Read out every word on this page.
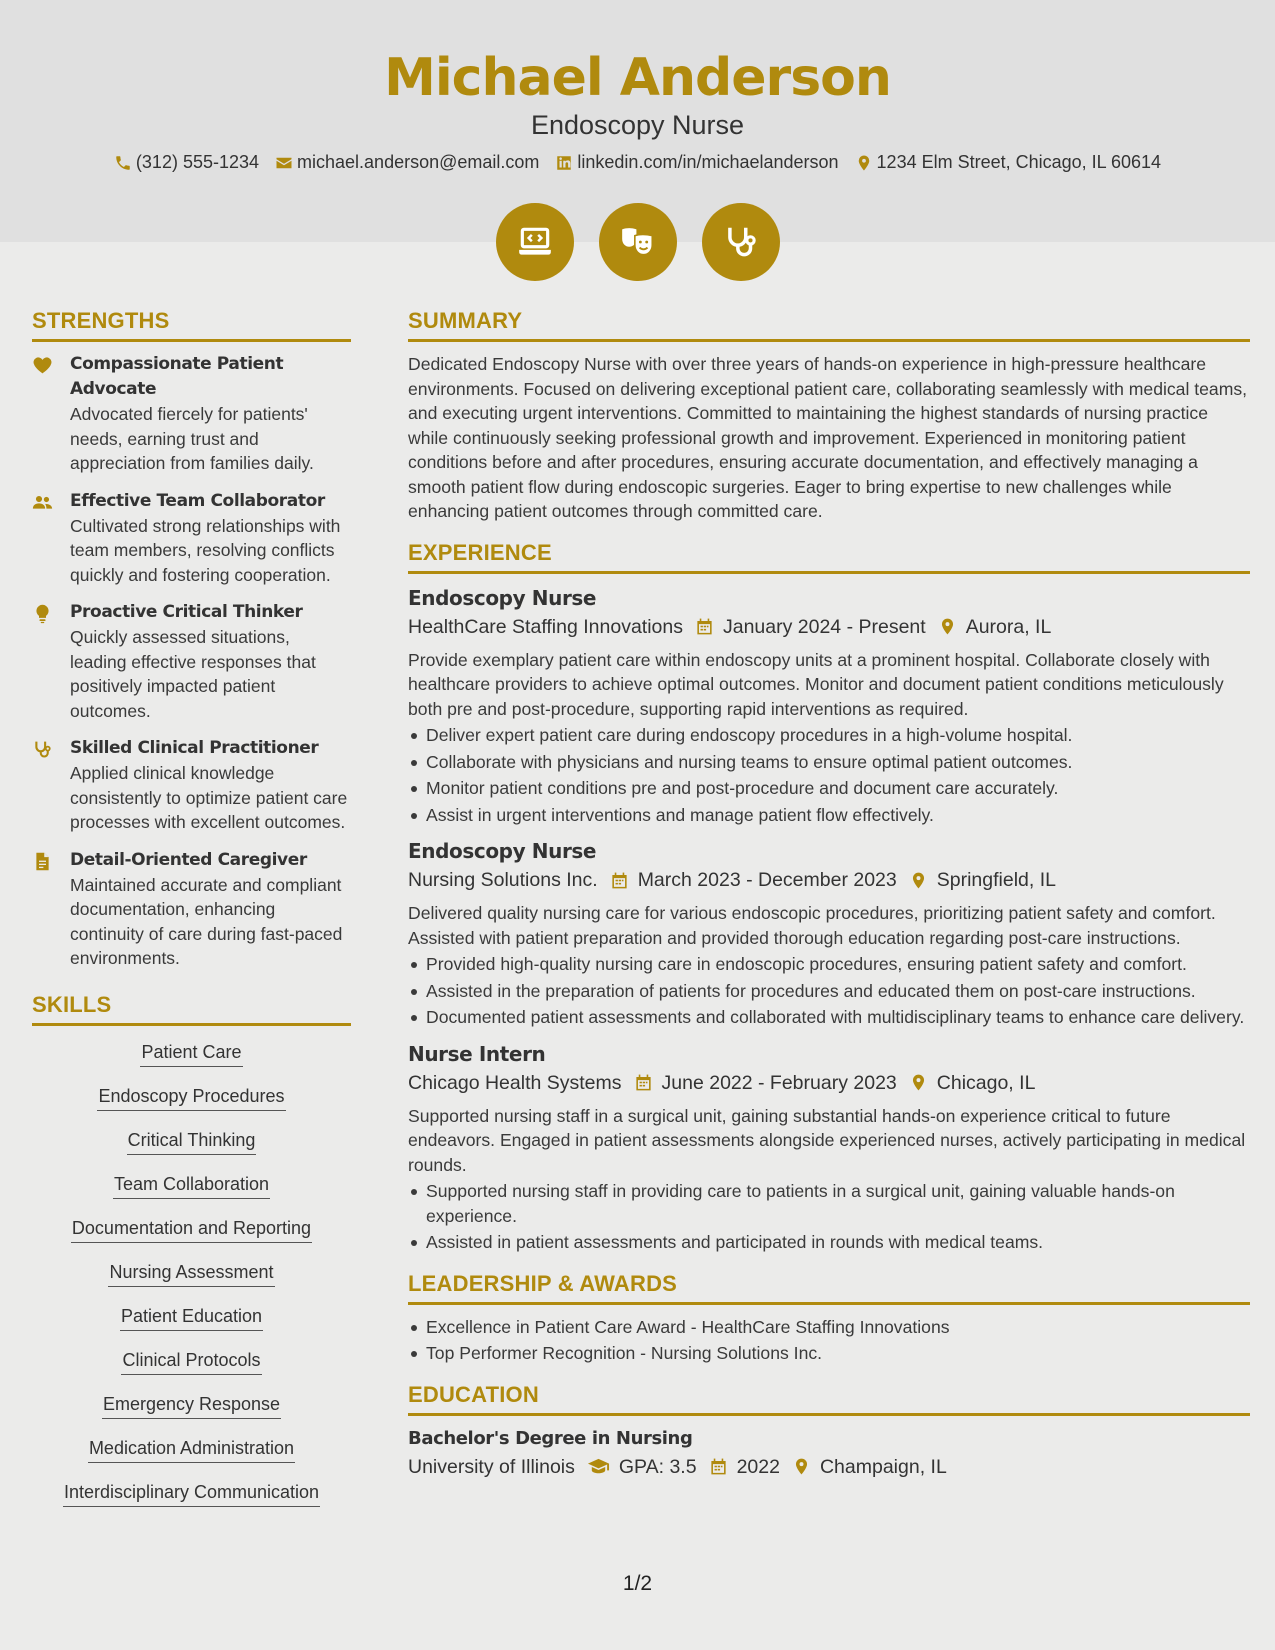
Michael Anderson
Endoscopy Nurse
(312) 555-1234 michael.anderson@email.com linkedin.com/in/michaelanderson 1234 Elm Street, Chicago, IL 60614
STRENGTHS
Compassionate Patient Advocate
Advocated fiercely for patients' needs, earning trust and appreciation from families daily.
Effective Team Collaborator
Cultivated strong relationships with team members, resolving conflicts quickly and fostering cooperation.
Proactive Critical Thinker
Quickly assessed situations, leading effective responses that positively impacted patient outcomes.
Skilled Clinical Practitioner
Applied clinical knowledge consistently to optimize patient care processes with excellent outcomes.
Detail-Oriented Caregiver
Maintained accurate and compliant documentation, enhancing continuity of care during fast-paced environments.
SKILLS
Patient Care
Endoscopy Procedures
Critical Thinking
Team Collaboration
Documentation and Reporting
Nursing Assessment
Patient Education
Clinical Protocols
Emergency Response
Medication Administration
Interdisciplinary Communication
SUMMARY
Dedicated Endoscopy Nurse with over three years of hands-on experience in high-pressure healthcare environments. Focused on delivering exceptional patient care, collaborating seamlessly with medical teams, and executing urgent interventions. Committed to maintaining the highest standards of nursing practice while continuously seeking professional growth and improvement. Experienced in monitoring patient conditions before and after procedures, ensuring accurate documentation, and effectively managing a smooth patient flow during endoscopic surgeries. Eager to bring expertise to new challenges while enhancing patient outcomes through committed care.
EXPERIENCE
Endoscopy Nurse
HealthCare Staffing Innovations January 2024 - Present Aurora, IL
Provide exemplary patient care within endoscopy units at a prominent hospital. Collaborate closely with healthcare providers to achieve optimal outcomes. Monitor and document patient conditions meticulously both pre and post-procedure, supporting rapid interventions as required.
Deliver expert patient care during endoscopy procedures in a high-volume hospital.
Collaborate with physicians and nursing teams to ensure optimal patient outcomes.
Monitor patient conditions pre and post-procedure and document care accurately.
Assist in urgent interventions and manage patient flow effectively.
Endoscopy Nurse
Nursing Solutions Inc. March 2023 - December 2023 Springfield, IL
Delivered quality nursing care for various endoscopic procedures, prioritizing patient safety and comfort. Assisted with patient preparation and provided thorough education regarding post-care instructions.
Provided high-quality nursing care in endoscopic procedures, ensuring patient safety and comfort.
Assisted in the preparation of patients for procedures and educated them on post-care instructions.
Documented patient assessments and collaborated with multidisciplinary teams to enhance care delivery.
Nurse Intern
Chicago Health Systems June 2022 - February 2023 Chicago, IL
Supported nursing staff in a surgical unit, gaining substantial hands-on experience critical to future endeavors. Engaged in patient assessments alongside experienced nurses, actively participating in medical rounds.
Supported nursing staff in providing care to patients in a surgical unit, gaining valuable hands-on experience.
Assisted in patient assessments and participated in rounds with medical teams.
LEADERSHIP & AWARDS
Excellence in Patient Care Award - HealthCare Staffing Innovations
Top Performer Recognition - Nursing Solutions Inc.
EDUCATION
Bachelor's Degree in Nursing
University of Illinois GPA: 3.5 2022 Champaign, IL
1/2
